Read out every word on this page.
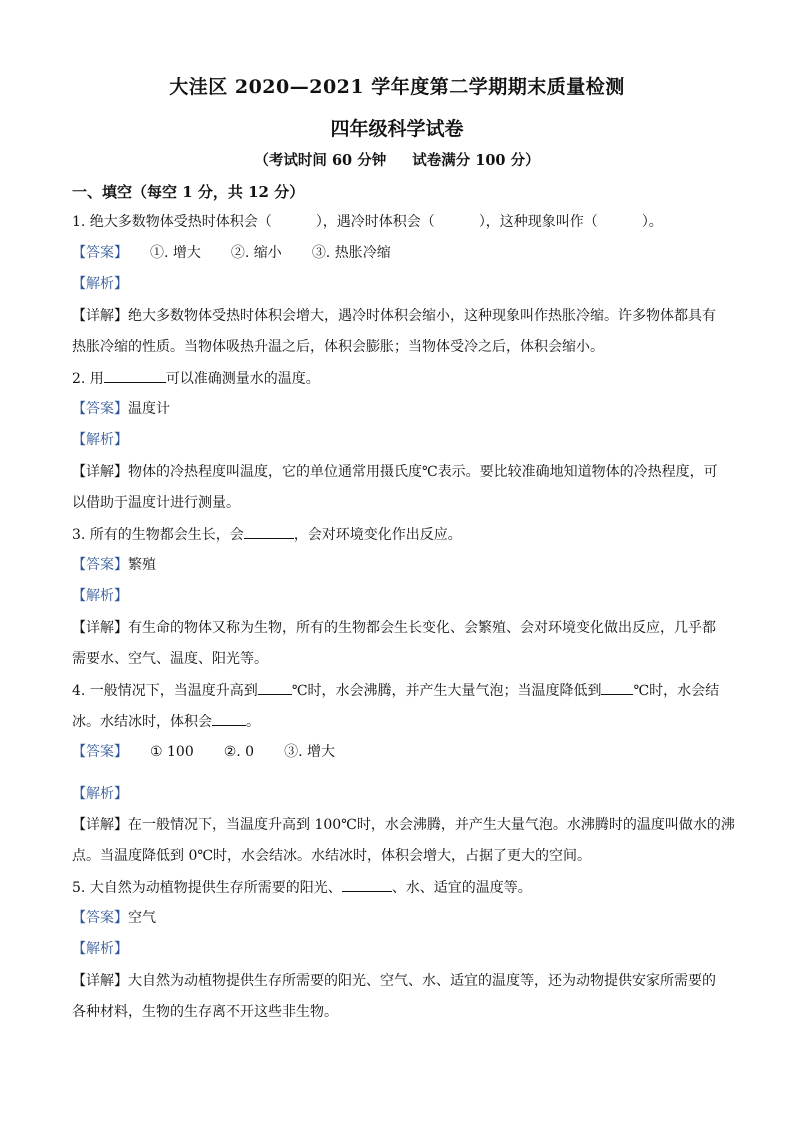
大洼区 2020—2021 学年度第二学期期末质量检测
四年级科学试卷
（考试时间 60 分钟 试卷满分 100 分）
一、填空（每空 1 分，共 12 分）
1. 绝大多数物体受热时体积会（	），遇冷时体积会（	），这种现象叫作（	）。
【答案】 ①. 增大 ②. 缩小 ③. 热胀冷缩
【解析】
【详解】绝大多数物体受热时体积会增大，遇冷时体积会缩小，这种现象叫作热胀冷缩。许多物体都具有
热胀冷缩的性质。当物体吸热升温之后，体积会膨胀；当物体受冷之后，体积会缩小。
2. 用	可以准确测量水的温度。
【答案】温度计
【解析】
【详解】物体的冷热程度叫温度，它的单位通常用摄氏度℃表示。要比较准确地知道物体的冷热程度，可
以借助于温度计进行测量。
3. 所有的生物都会生长，会	，会对环境变化作出反应。
【答案】繁殖
【解析】
【详解】有生命的物体又称为生物，所有的生物都会生长变化、会繁殖、会对环境变化做出反应，几乎都
需要水、空气、温度、阳光等。
4. 一般情况下，当温度升高到 ℃时，水会沸腾，并产生大量气泡；当温度降低到 ℃时，水会结
冰。水结冰时，体积会 。
【答案】 ① 100 ②. 0 ③. 增大
【解析】
【详解】在一般情况下，当温度升高到 100℃时，水会沸腾，并产生大量气泡。水沸腾时的温度叫做水的沸
点。当温度降低到 0℃时，水会结冰。水结冰时，体积会增大，占据了更大的空间。
5. 大自然为动植物提供生存所需要的阳光、	、水、适宜的温度等。
【答案】空气
【解析】
【详解】大自然为动植物提供生存所需要的阳光、空气、水、适宜的温度等，还为动物提供安家所需要的
各种材料，生物的生存离不开这些非生物。
